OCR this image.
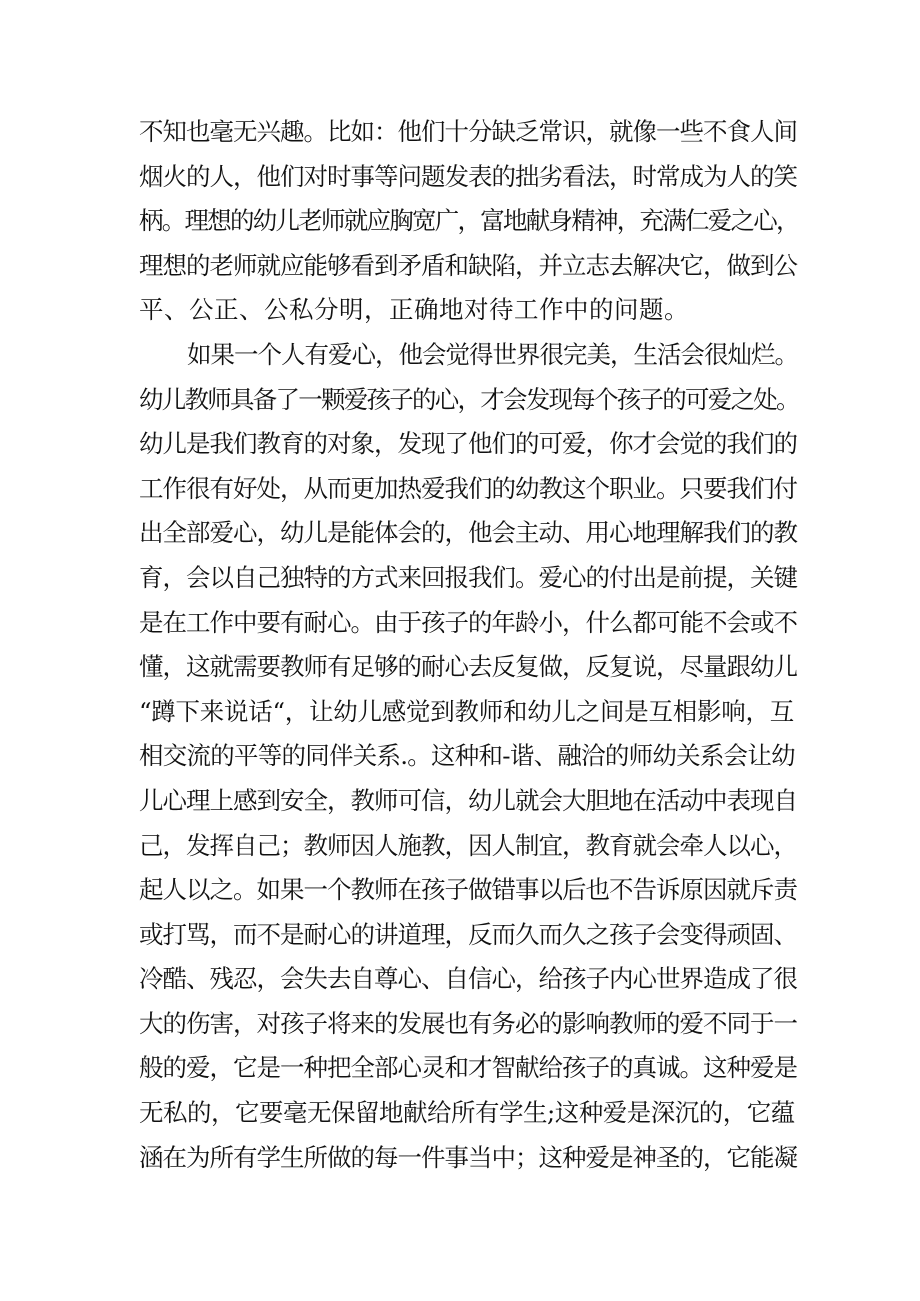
不知也毫无兴趣。比如：他们十分缺乏常识，就像一些不食人间
烟火的人，他们对时事等问题发表的拙劣看法，时常成为人的笑
柄。理想的幼儿老师就应胸宽广，富地献身精神，充满仁爱之心，
理想的老师就应能够看到矛盾和缺陷，并立志去解决它，做到公
平、公正、公私分明，正确地对待工作中的问题。
如果一个人有爱心，他会觉得世界很完美，生活会很灿烂。
幼儿教师具备了一颗爱孩子的心，才会发现每个孩子的可爱之处。
幼儿是我们教育的对象，发现了他们的可爱，你才会觉的我们的
工作很有好处，从而更加热爱我们的幼教这个职业。只要我们付
出全部爱心，幼儿是能体会的，他会主动、用心地理解我们的教
育，会以自己独特的方式来回报我们。爱心的付出是前提，关键
是在工作中要有耐心。由于孩子的年龄小，什么都可能不会或不
懂，这就需要教师有足够的耐心去反复做，反复说，尽量跟幼儿
“蹲下来说话“，让幼儿感觉到教师和幼儿之间是互相影响，互
相交流的平等的同伴关系.。这种和-谐、融洽的师幼关系会让幼
儿心理上感到安全，教师可信，幼儿就会大胆地在活动中表现自
己，发挥自己；教师因人施教，因人制宜，教育就会牵人以心，
起人以之。如果一个教师在孩子做错事以后也不告诉原因就斥责
或打骂，而不是耐心的讲道理，反而久而久之孩子会变得顽固、
冷酷、残忍，会失去自尊心、自信心，给孩子内心世界造成了很
大的伤害，对孩子将来的发展也有务必的影响教师的爱不同于一
般的爱，它是一种把全部心灵和才智献给孩子的真诚。这种爱是
无私的，它要毫无保留地献给所有学生;这种爱是深沉的，它蕴
涵在为所有学生所做的每一件事当中；这种爱是神圣的，它能凝
